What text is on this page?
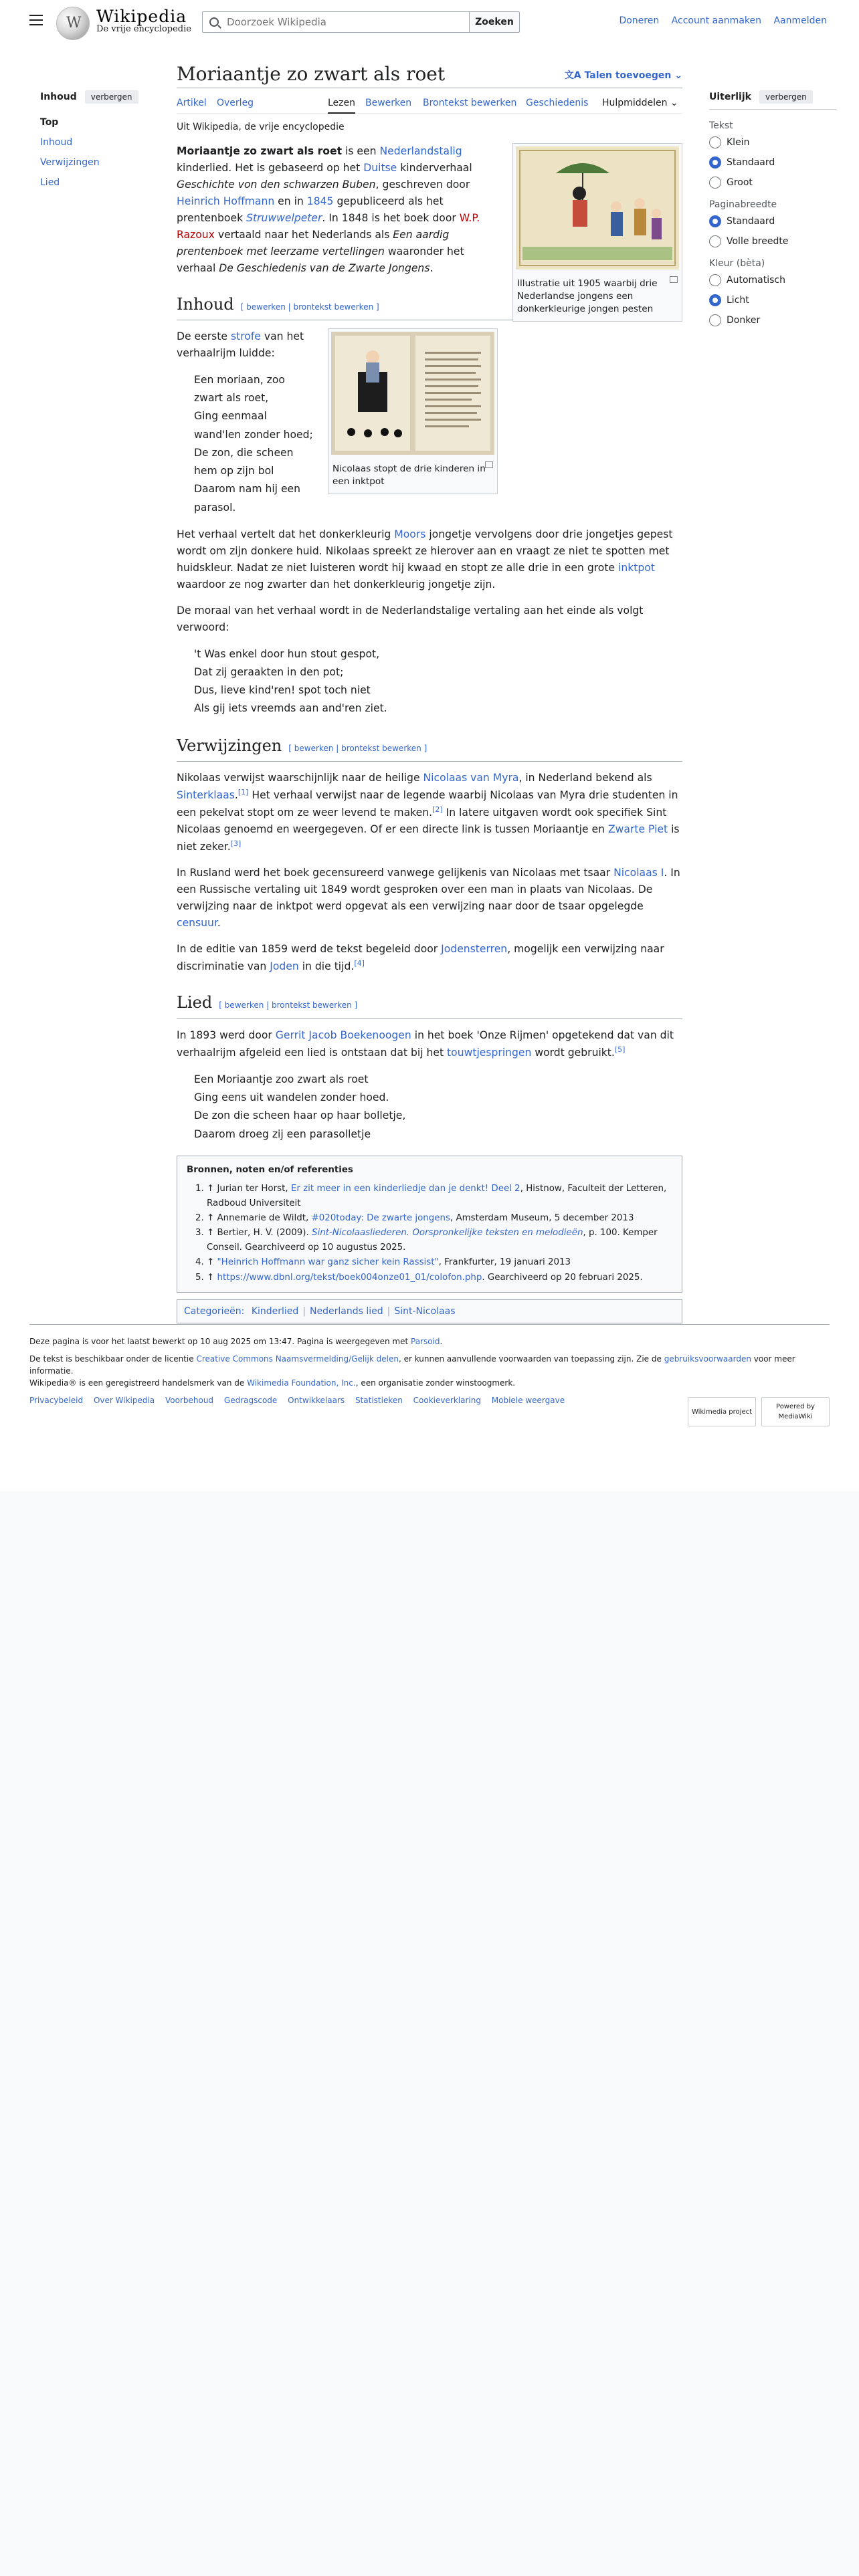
W
Wikipedia
De vrije encyclopedie
Doorzoek Wikipedia
Zoeken	Doneren Account aanmaken Aanmelden
Inhoud	verbergen
Top
Inhoud
Verwijzingen
Lied
Moriaantje zo zwart als roet	文A Talen toevoegen ⌄
Artikel Overleg	Lezen Bewerken Brontekst bewerken Geschiedenis Hulpmiddelen ⌄
Uit Wikipedia, de vrije encyclopedie
Illustratie uit 1905 waarbij drie Nederlandse jongens een donkerkleurige jongen pesten

Moriaantje zo zwart als roet is een Nederlandstalig kinderlied. Het is gebaseerd op het Duitse kinderverhaal Geschichte von den schwarzen Buben, geschreven door Heinrich Hoffmann en in 1845 gepubliceerd als het prentenboek Struwwelpeter. In 1848 is het boek door W.P. Razoux vertaald naar het Nederlands als Een aardig prentenboek met leerzame vertellingen waaronder het verhaal De Geschiedenis van de Zwarte Jongens.

Inhoud [ bewerken | brontekst bewerken ]
Nicolaas stopt de drie kinderen in een inktpot

De eerste strofe van het verhaalrijm luidde:

Een moriaan, zoo zwart als roet,
Ging eenmaal wand'len zonder hoed;
De zon, die scheen hem op zijn bol
Daarom nam hij een parasol.

Het verhaal vertelt dat het donkerkleurig Moors jongetje vervolgens door drie jongetjes gepest wordt om zijn donkere huid. Nikolaas spreekt ze hierover aan en vraagt ze niet te spotten met huidskleur. Nadat ze niet luisteren wordt hij kwaad en stopt ze alle drie in een grote inktpot waardoor ze nog zwarter dan het donkerkleurig jongetje zijn.

De moraal van het verhaal wordt in de Nederlandstalige vertaling aan het einde als volgt verwoord:

't Was enkel door hun stout gespot,
Dat zij geraakten in den pot;
Dus, lieve kind'ren! spot toch niet
Als gij iets vreemds aan and'ren ziet.
Verwijzingen [ bewerken | brontekst bewerken ]

Nikolaas verwijst waarschijnlijk naar de heilige Nicolaas van Myra, in Nederland bekend als Sinterklaas.[1] Het verhaal verwijst naar de legende waarbij Nicolaas van Myra drie studenten in een pekelvat stopt om ze weer levend te maken.[2] In latere uitgaven wordt ook specifiek Sint Nicolaas genoemd en weergegeven. Of er een directe link is tussen Moriaantje en Zwarte Piet is niet zeker.[3]

In Rusland werd het boek gecensureerd vanwege gelijkenis van Nicolaas met tsaar Nicolaas I. In een Russische vertaling uit 1849 wordt gesproken over een man in plaats van Nicolaas. De verwijzing naar de inktpot werd opgevat als een verwijzing naar door de tsaar opgelegde censuur.

In de editie van 1859 werd de tekst begeleid door Jodensterren, mogelijk een verwijzing naar discriminatie van Joden in die tijd.[4]

Lied [ bewerken | brontekst bewerken ]

In 1893 werd door Gerrit Jacob Boekenoogen in het boek 'Onze Rijmen' opgetekend dat van dit verhaalrijm afgeleid een lied is ontstaan dat bij het touwtjespringen wordt gebruikt.[5]

Een Moriaantje zoo zwart als roet
Ging eens uit wandelen zonder hoed.
De zon die scheen haar op haar bolletje,
Daarom droeg zij een parasolletje
Bronnen, noten en/of referenties
1. ↑ Jurian ter Horst, Er zit meer in een kinderliedje dan je denkt! Deel 2, Histnow, Faculteit der Letteren, Radboud Universiteit
2. ↑ Annemarie de Wildt, #020today: De zwarte jongens, Amsterdam Museum, 5 december 2013
3. ↑ Bertier, H. V. (2009). Sint-Nicolaasliederen. Oorspronkelijke teksten en melodieën, p. 100. Kemper Conseil. Gearchiveerd op 10 augustus 2025.
4. ↑ "Heinrich Hoffmann war ganz sicher kein Rassist", Frankfurter, 19 januari 2013
5. ↑ https://www.dbnl.org/tekst/boek004onze01_01/colofon.php. Gearchiveerd op 20 februari 2025.
Categorieën: Kinderlied | Nederlands lied | Sint-Nicolaas
Uiterlijk	verbergen
Tekst
Klein
Standaard
Groot
Paginabreedte
Standaard
Volle breedte
Kleur (bèta)
Automatisch
Licht
Donker

Deze pagina is voor het laatst bewerkt op 10 aug 2025 om 13:47. Pagina is weergegeven met Parsoid.

De tekst is beschikbaar onder de licentie Creative Commons Naamsvermelding/Gelijk delen, er kunnen aanvullende voorwaarden van toepassing zijn. Zie de gebruiksvoorwaarden voor meer informatie.
Wikipedia® is een geregistreerd handelsmerk van de Wikimedia Foundation, Inc., een organisatie zonder winstoogmerk.

Privacybeleid Over Wikipedia Voorbehoud Gedragscode Ontwikkelaars Statistieken Cookieverklaring Mobiele weergave
Wikimedia project
Powered by MediaWiki
